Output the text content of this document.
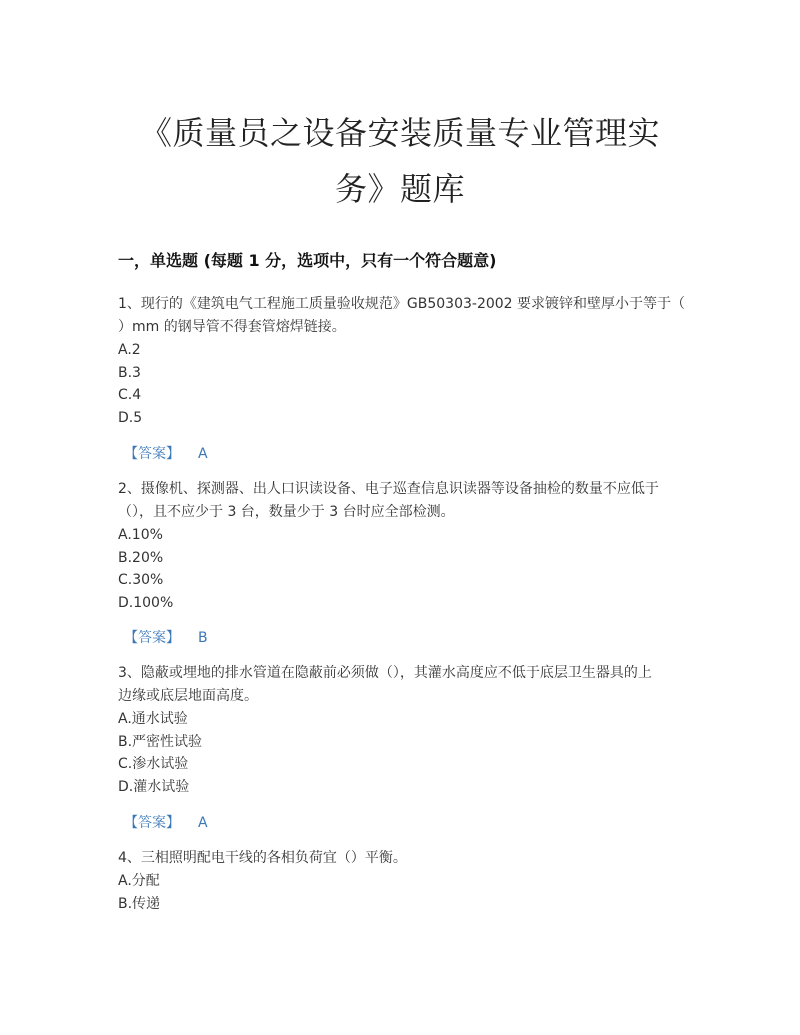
《质量员之设备安装质量专业管理实
务》题库
一，单选题 (每题 1 分，选项中，只有一个符合题意)

1、现行的《建筑电气工程施工质量验收规范》GB50303-2002 要求镀锌和壁厚小于等于（

）mm 的钢导管不得套管熔焊链接。

A.2

B.3

C.4

D.5

【答案】 A

2、摄像机、探测器、出人口识读设备、电子巡查信息识读器等设备抽检的数量不应低于

（），且不应少于 3 台，数量少于 3 台时应全部检测。

A.10%

B.20%

C.30%

D.100%

【答案】 B

3、隐蔽或埋地的排水管道在隐蔽前必须做（），其灌水高度应不低于底层卫生器具的上

边缘或底层地面高度。

A.通水试验

B.严密性试验

C.渗水试验

D.灌水试验

【答案】 A

4、三相照明配电干线的各相负荷宜（）平衡。

A.分配

B.传递
